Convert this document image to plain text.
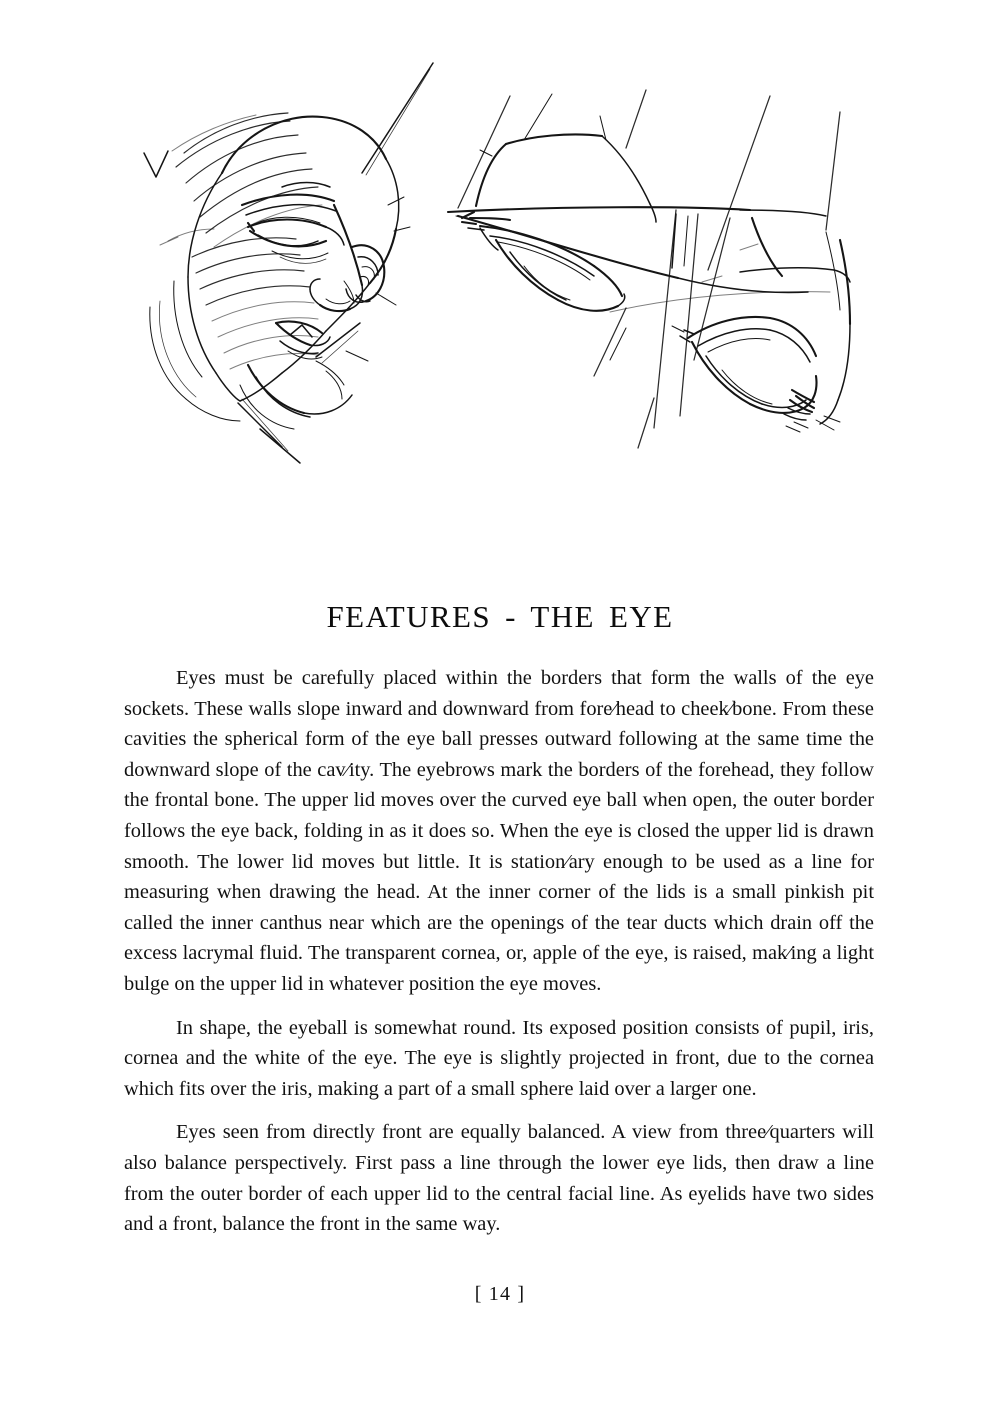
FEATURES - THE EYE

Eyes must be carefully placed within the borders that form the walls of the eye sockets. These walls slope inward and downward from fore⁄head to cheek⁄bone. From these cavities the spherical form of the eye ball presses outward following at the same time the downward slope of the cav⁄ity. The eyebrows mark the borders of the forehead, they follow the frontal bone. The upper lid moves over the curved eye ball when open, the outer border follows the eye back, folding in as it does so. When the eye is closed the upper lid is drawn smooth. The lower lid moves but little. It is station⁄ary enough to be used as a line for measuring when drawing the head. At the inner corner of the lids is a small pinkish pit called the inner canthus near which are the openings of the tear ducts which drain off the excess lacrymal fluid. The transparent cornea, or, apple of the eye, is raised, mak⁄ing a light bulge on the upper lid in whatever position the eye moves.

In shape, the eyeball is somewhat round. Its exposed position consists of pupil, iris, cornea and the white of the eye. The eye is slightly projected in front, due to the cornea which fits over the iris, making a part of a small sphere laid over a larger one.

Eyes seen from directly front are equally balanced. A view from three⁄quarters will also balance perspectively. First pass a line through the lower eye lids, then draw a line from the outer border of each upper lid to the central facial line. As eyelids have two sides and a front, balance the front in the same way.

[ 14 ]
